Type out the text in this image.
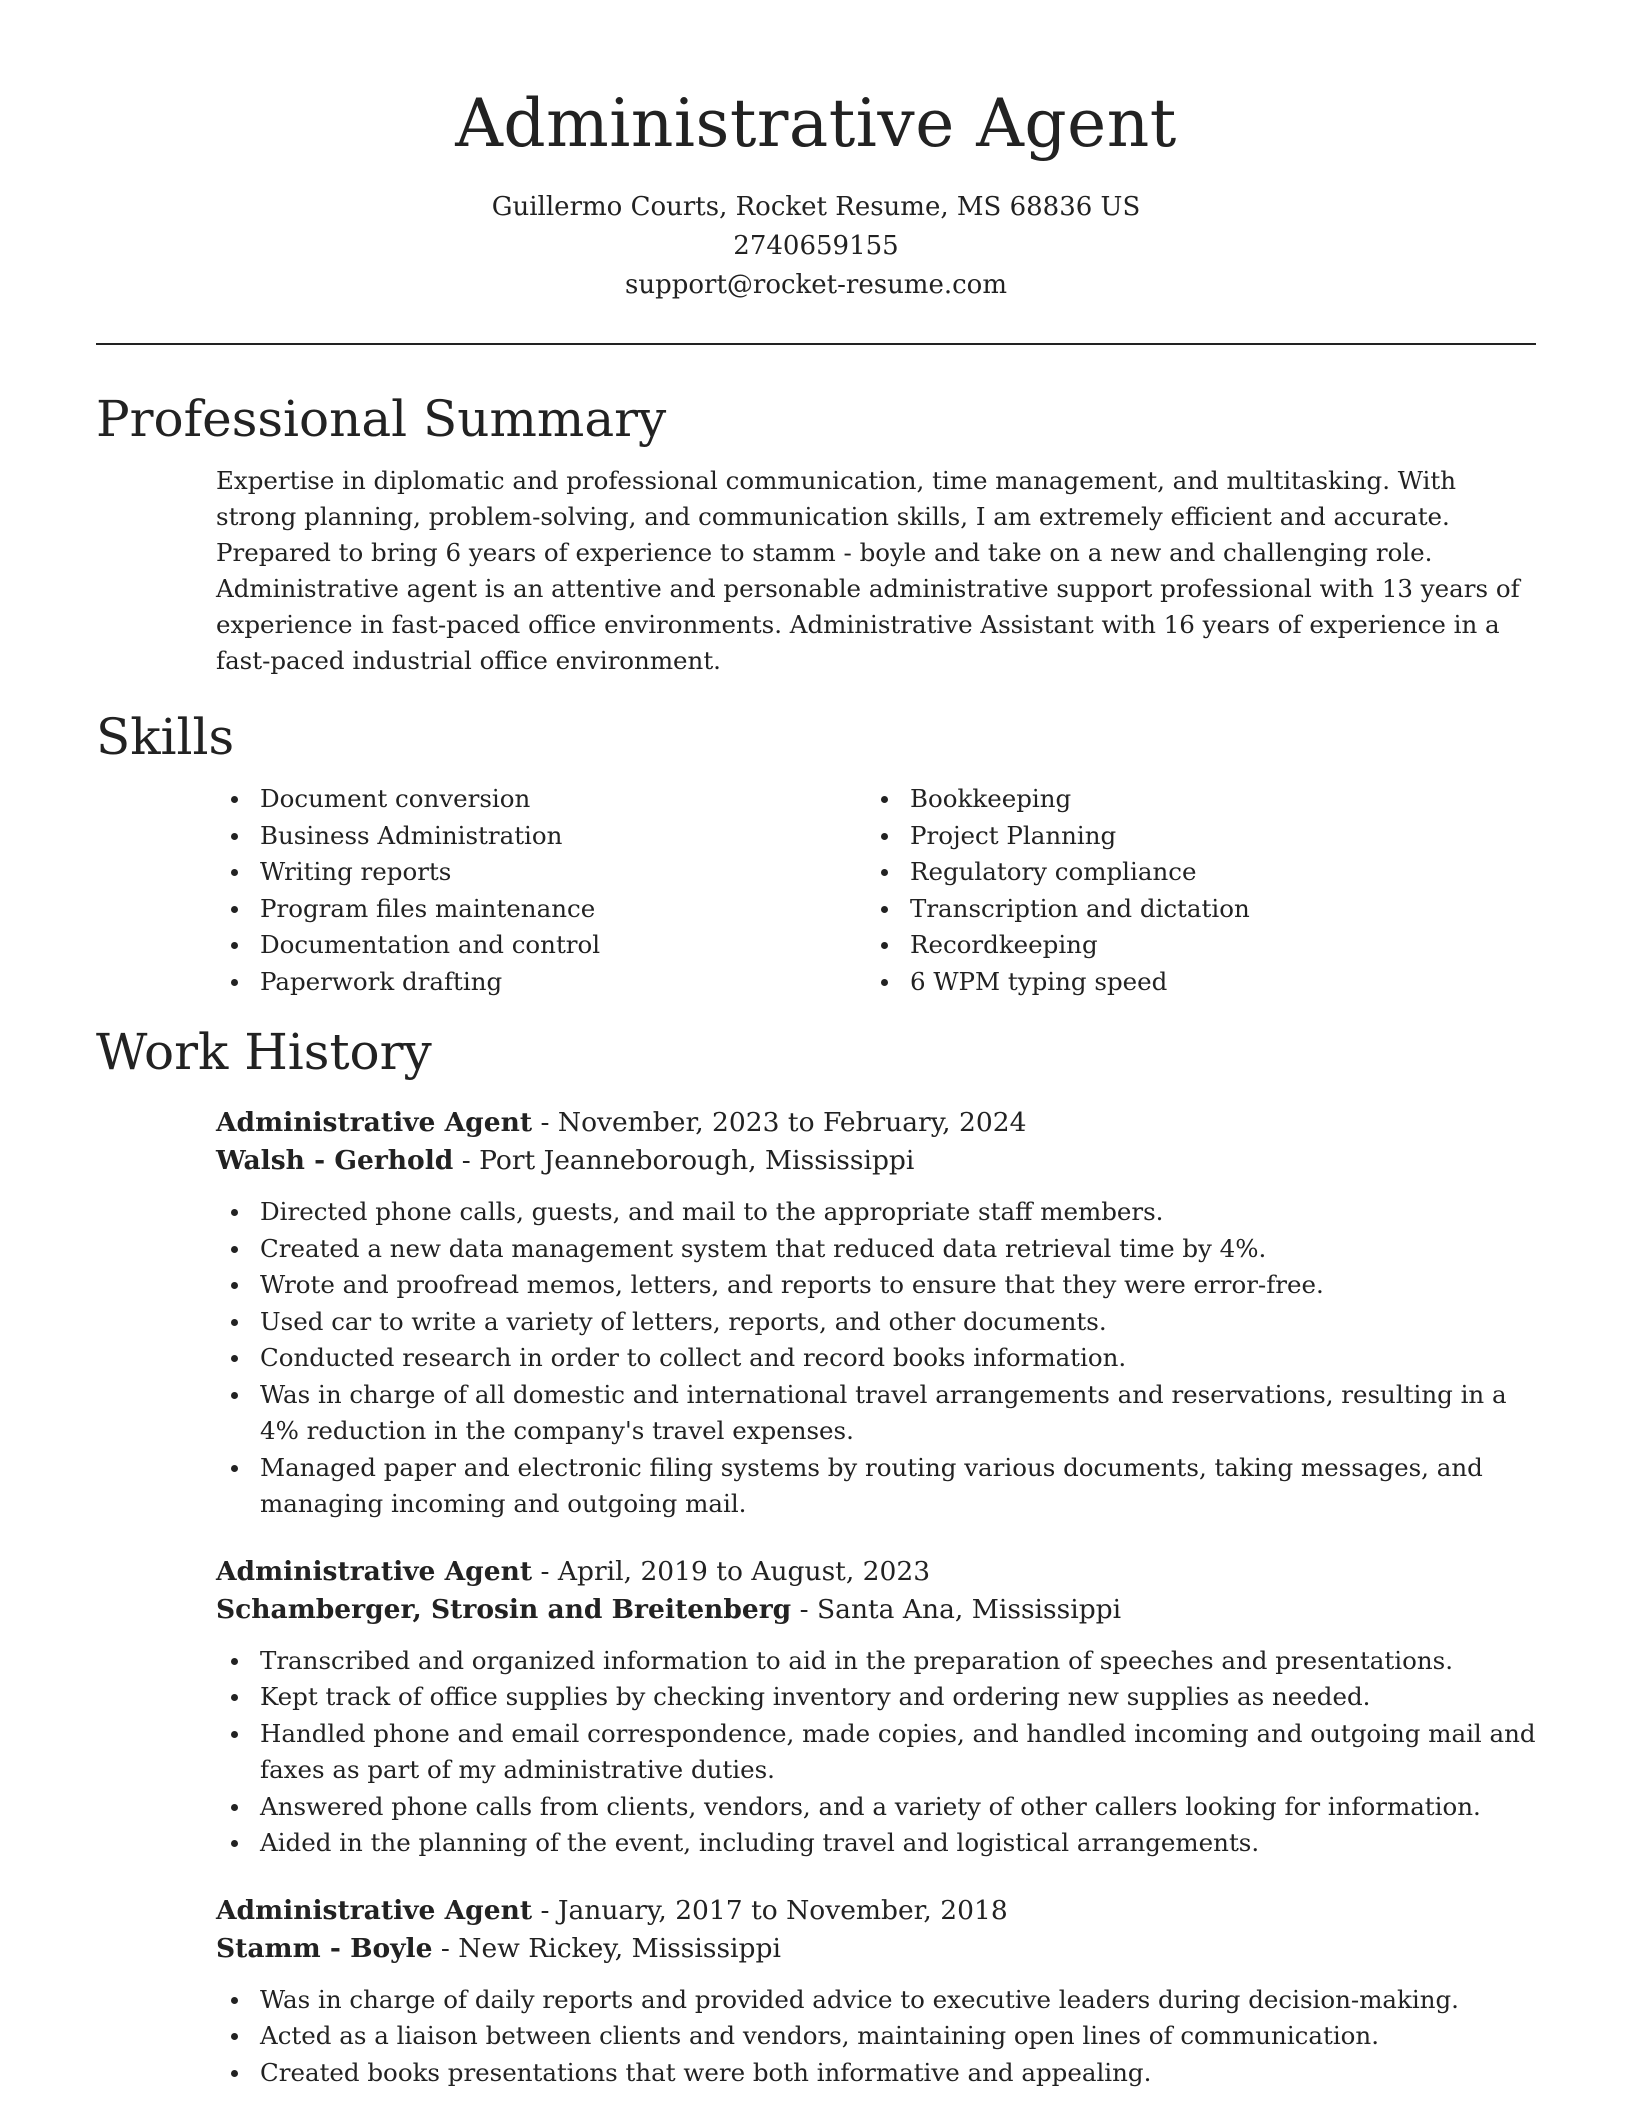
Administrative Agent

Guillermo Courts, Rocket Resume, MS 68836 US

2740659155

support@rocket-resume.com

Professional Summary

Expertise in diplomatic and professional communication, time management, and multitasking. With strong planning, problem-solving, and communication skills, I am extremely efficient and accurate. Prepared to bring 6 years of experience to stamm - boyle and take on a new and challenging role. Administrative agent is an attentive and personable administrative support professional with 13 years of experience in fast-paced office environments. Administrative Assistant with 16 years of experience in a fast-paced industrial office environment.

Skills
Document conversion
Business Administration
Writing reports
Program files maintenance
Documentation and control
Paperwork drafting
Bookkeeping
Project Planning
Regulatory compliance
Transcription and dictation
Recordkeeping
6 WPM typing speed
Work History

Administrative Agent - November, 2023 to February, 2024

Walsh - Gerhold - Port Jeanneborough, Mississippi

Directed phone calls, guests, and mail to the appropriate staff members.
Created a new data management system that reduced data retrieval time by 4%.
Wrote and proofread memos, letters, and reports to ensure that they were error-free.
Used car to write a variety of letters, reports, and other documents.
Conducted research in order to collect and record books information.
Was in charge of all domestic and international travel arrangements and reservations, resulting in a 4% reduction in the company's travel expenses.
Managed paper and electronic filing systems by routing various documents, taking messages, and managing incoming and outgoing mail.

Administrative Agent - April, 2019 to August, 2023

Schamberger, Strosin and Breitenberg - Santa Ana, Mississippi

Transcribed and organized information to aid in the preparation of speeches and presentations.
Kept track of office supplies by checking inventory and ordering new supplies as needed.
Handled phone and email correspondence, made copies, and handled incoming and outgoing mail and faxes as part of my administrative duties.
Answered phone calls from clients, vendors, and a variety of other callers looking for information.
Aided in the planning of the event, including travel and logistical arrangements.

Administrative Agent - January, 2017 to November, 2018

Stamm - Boyle - New Rickey, Mississippi

Was in charge of daily reports and provided advice to executive leaders during decision-making.
Acted as a liaison between clients and vendors, maintaining open lines of communication.
Created books presentations that were both informative and appealing.
